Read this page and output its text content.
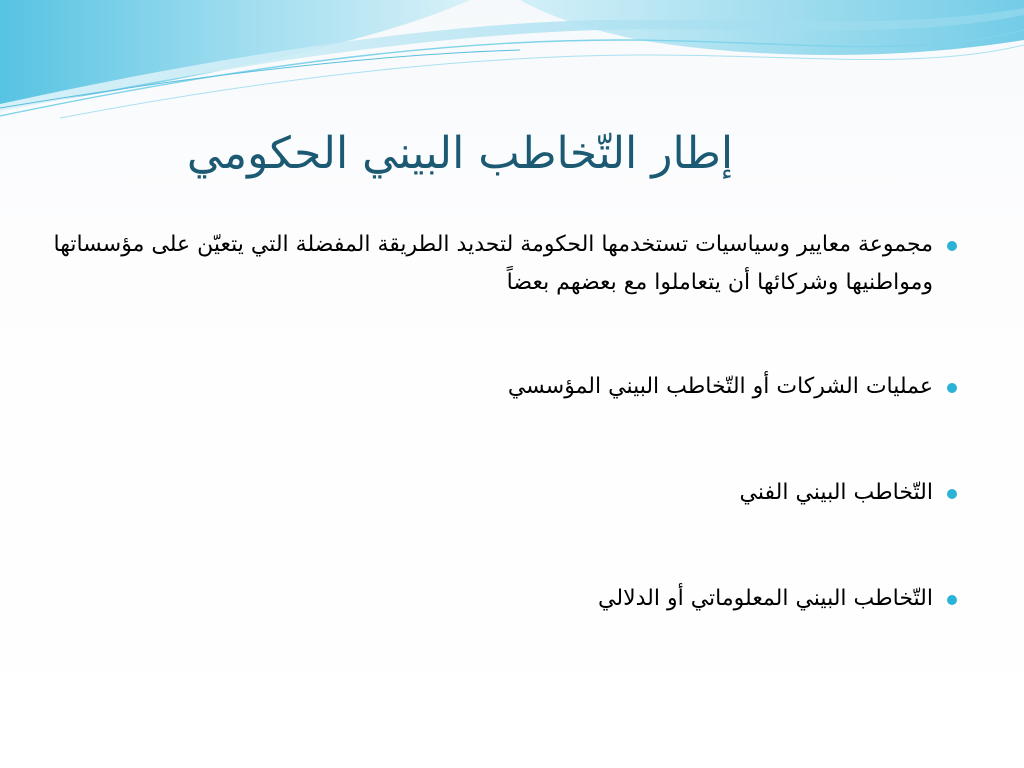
إطار التّخاطب البيني الحكومي
مجموعة معايير وسياسيات تستخدمها الحكومة لتحديد الطريقة المفضلة التي يتعيّن على مؤسساتها ومواطنيها وشركائها أن يتعاملوا مع بعضهم بعضاً
عمليات الشركات أو التّخاطب البيني المؤسسي
التّخاطب البيني الفني
التّخاطب البيني المعلوماتي أو الدلالي
